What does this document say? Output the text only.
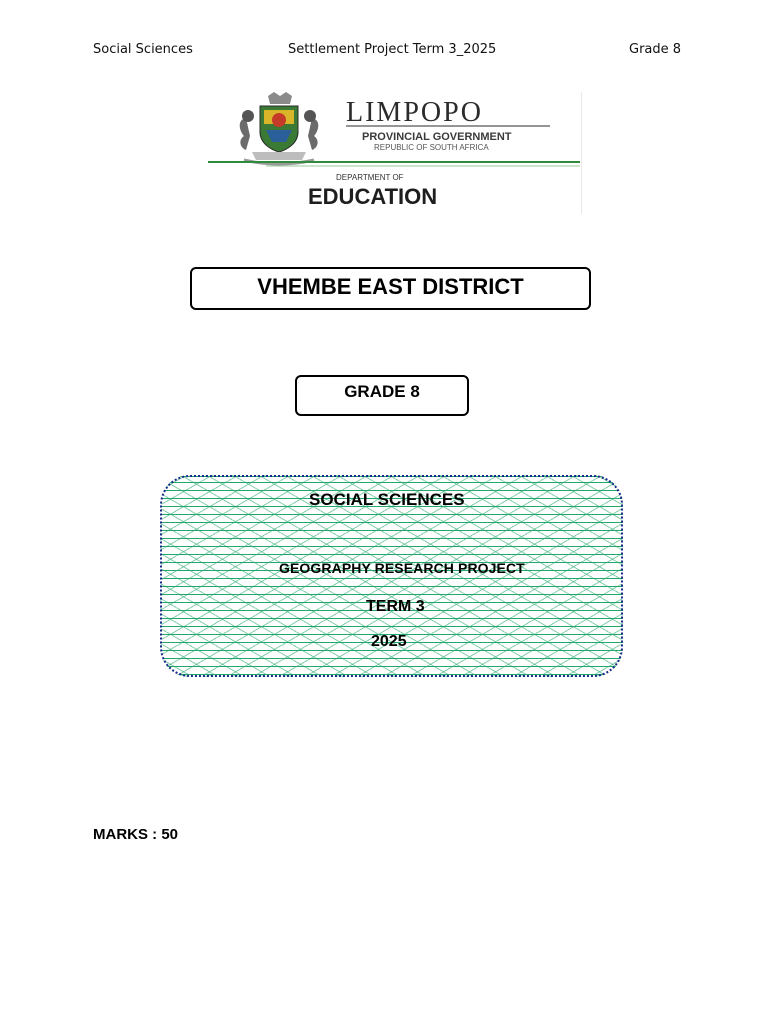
Social Sciences	Settlement Project Term 3_2025	Grade 8
LIMPOPO
PROVINCIAL GOVERNMENT
REPUBLIC OF SOUTH AFRICA
DEPARTMENT OF
EDUCATION
VHEMBE EAST DISTRICT
GRADE 8
SOCIAL SCIENCES
GEOGRAPHY RESEARCH PROJECT
TERM 3
2025
MARKS : 50
